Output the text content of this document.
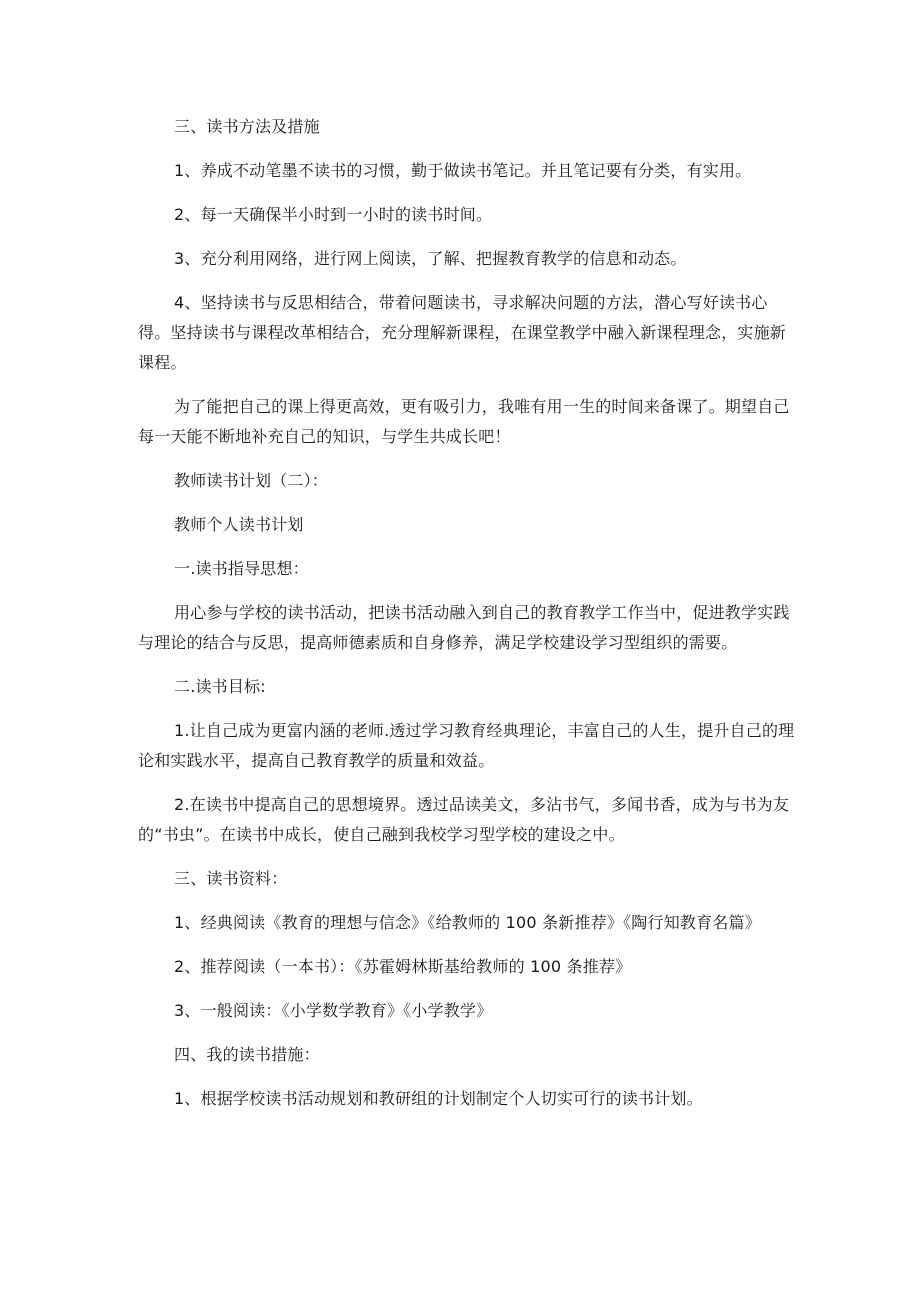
三、读书方法及措施

1、养成不动笔墨不读书的习惯，勤于做读书笔记。并且笔记要有分类，有实用。

2、每一天确保半小时到一小时的读书时间。

3、充分利用网络，进行网上阅读，了解、把握教育教学的信息和动态。

4、坚持读书与反思相结合，带着问题读书，寻求解决问题的方法，潜心写好读书心得。坚持读书与课程改革相结合，充分理解新课程，在课堂教学中融入新课程理念，实施新课程。

为了能把自己的课上得更高效，更有吸引力，我唯有用一生的时间来备课了。期望自己每一天能不断地补充自己的知识，与学生共成长吧！

教师读书计划（二）：

教师个人读书计划

一.读书指导思想：

用心参与学校的读书活动，把读书活动融入到自己的教育教学工作当中，促进教学实践与理论的结合与反思，提高师德素质和自身修养，满足学校建设学习型组织的需要。

二.读书目标:

1.让自己成为更富内涵的老师.透过学习教育经典理论，丰富自己的人生，提升自己的理论和实践水平，提高自己教育教学的质量和效益。

2.在读书中提高自己的思想境界。透过品读美文，多沾书气，多闻书香，成为与书为友的“书虫”。在读书中成长，使自己融到我校学习型学校的建设之中。

三、读书资料：

1、经典阅读《教育的理想与信念》《给教师的 100 条新推荐》《陶行知教育名篇》

2、推荐阅读（一本书）：《苏霍姆林斯基给教师的 100 条推荐》

3、一般阅读：《小学数学教育》《小学教学》

四、我的读书措施：

1、根据学校读书活动规划和教研组的计划制定个人切实可行的读书计划。
